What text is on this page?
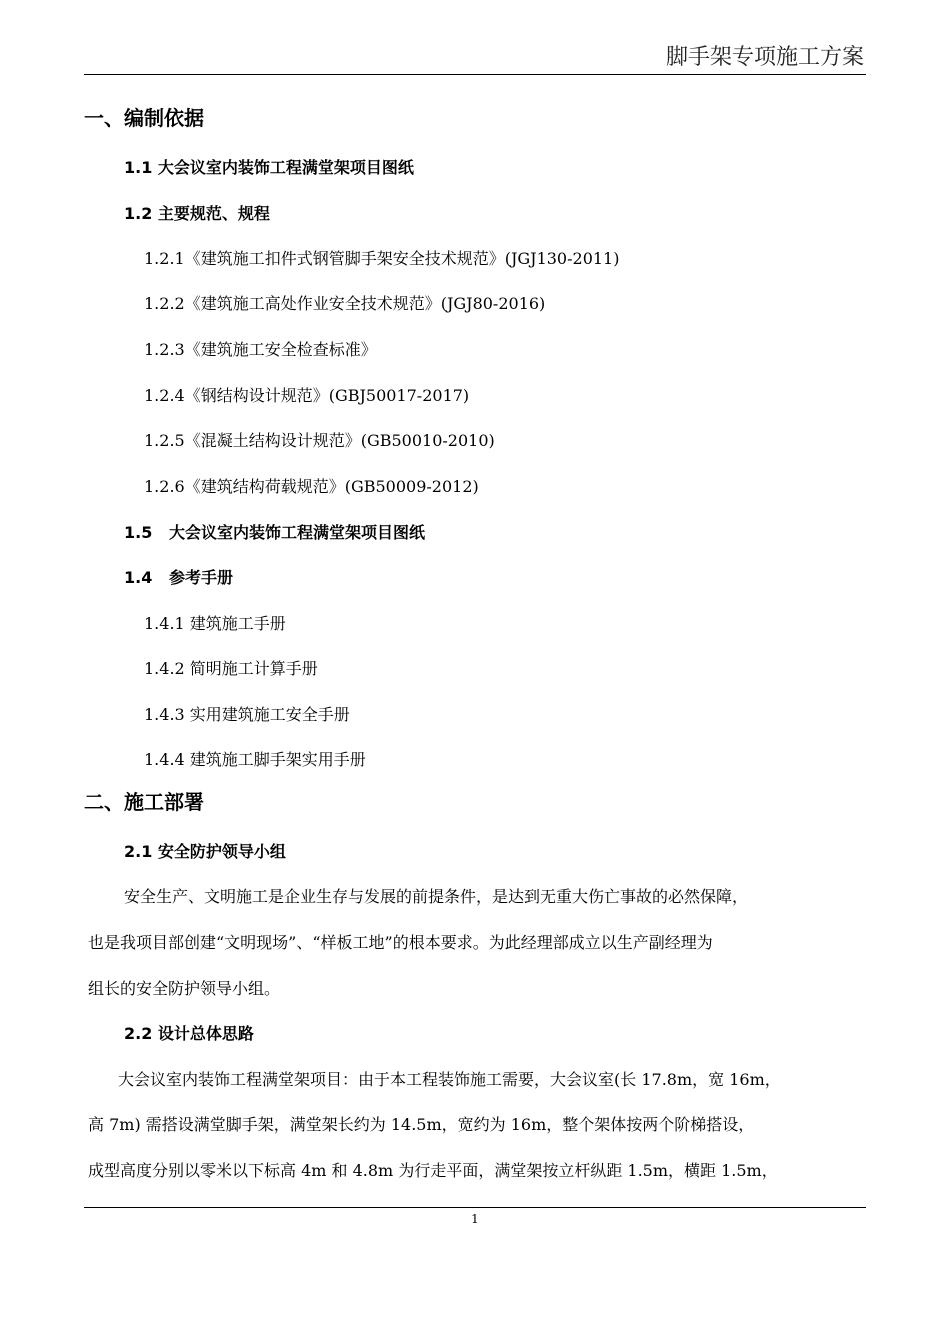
脚手架专项施工方案
一、编制依据
1.1 大会议室内装饰工程满堂架项目图纸
1.2 主要规范、规程
1.2.1《建筑施工扣件式钢管脚手架安全技术规范》(JGJ130-2011)
1.2.2《建筑施工高处作业安全技术规范》(JGJ80-2016)
1.2.3《建筑施工安全检查标准》
1.2.4《钢结构设计规范》(GBJ50017-2017)
1.2.5《混凝土结构设计规范》(GB50010-2010)
1.2.6《建筑结构荷载规范》(GB50009-2012)
1.5   大会议室内装饰工程满堂架项目图纸
1.4   参考手册
1.4.1 建筑施工手册
1.4.2 简明施工计算手册
1.4.3 实用建筑施工安全手册
1.4.4 建筑施工脚手架实用手册
二、施工部署
2.1 安全防护领导小组
安全生产、文明施工是企业生存与发展的前提条件，是达到无重大伤亡事故的必然保障，
也是我项目部创建“文明现场”、“样板工地”的根本要求。为此经理部成立以生产副经理为
组长的安全防护领导小组。
2.2 设计总体思路
大会议室内装饰工程满堂架项目：由于本工程装饰施工需要，大会议室(长 17.8m，宽 16m，
高 7m) 需搭设满堂脚手架，满堂架长约为 14.5m，宽约为 16m，整个架体按两个阶梯搭设，
成型高度分别以零米以下标高 4m 和 4.8m 为行走平面，满堂架按立杆纵距 1.5m，横距 1.5m，
1
